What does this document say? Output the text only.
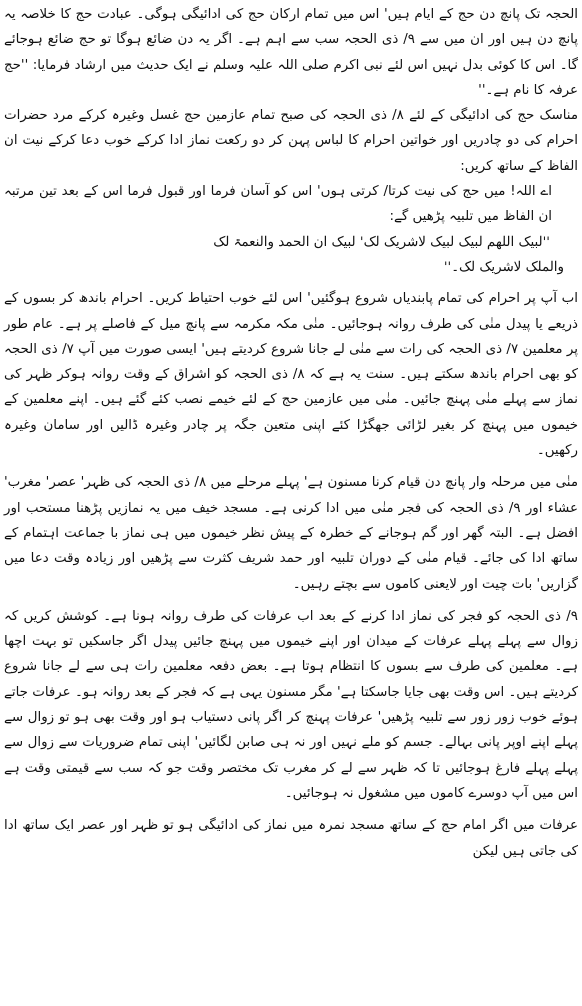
الحجہ تک پانچ دن حج کے ایام ہیں' اس میں تمام ارکان حج کی ادائیگی ہوگی۔ عبادت حج کا خلاصہ یہ پانچ دن ہیں اور ان میں سے ۹/ ذی الحجہ سب سے اہم ہے۔ اگر یہ دن ضائع ہوگا تو حج ضائع ہوجائے گا۔ اس کا کوئی بدل نہیں اس لئے نبی اکرم صلی اللہ علیہ وسلم نے ایک حدیث میں ارشاد فرمایا: ''حج عرفہ کا نام ہے۔''

مناسک حج کی ادائیگی کے لئے ۸/ ذی الحجہ کی صبح تمام عازمین حج غسل وغیرہ کرکے مرد حضرات احرام کی دو چادریں اور خواتین احرام کا لباس پہن کر دو رکعت نماز ادا کرکے خوب دعا کرکے نیت ان الفاظ کے ساتھ کریں:

اے اللہ! میں حج کی نیت کرتا/ کرتی ہوں' اس کو آسان فرما اور قبول فرما اس کے بعد تین مرتبہ ان الفاظ میں تلبیہ پڑھیں گے:

''لبیک اللھم لبیک لبیک لاشریک لک' لبیک ان الحمد والنعمۃ لک

والملک لاشریک لک۔''

اب آپ پر احرام کی تمام پابندیاں شروع ہوگئیں' اس لئے خوب احتیاط کریں۔ احرام باندھ کر بسوں کے ذریعے یا پیدل منٰی کی طرف روانہ ہوجائیں۔ منٰی مکہ مکرمہ سے پانچ میل کے فاصلے پر ہے۔ عام طور پر معلمین ۷/ ذی الحجہ کی رات سے منٰی لے جانا شروع کردیتے ہیں' ایسی صورت میں آپ ۷/ ذی الحجہ کو بھی احرام باندھ سکتے ہیں۔ سنت یہ ہے کہ ۸/ ذی الحجہ کو اشراق کے وقت روانہ ہوکر ظہر کی نماز سے پہلے منٰی پہنچ جائیں۔ منٰی میں عازمین حج کے لئے خیمے نصب کئے گئے ہیں۔ اپنے معلمین کے خیموں میں پہنچ کر بغیر لڑائی جھگڑا کئے اپنی متعین جگہ پر چادر وغیرہ ڈالیں اور سامان وغیرہ رکھیں۔

منٰی میں مرحلہ وار پانچ دن قیام کرنا مسنون ہے' پہلے مرحلے میں ۸/ ذی الحجہ کی ظہر' عصر' مغرب' عشاء اور ۹/ ذی الحجہ کی فجر منٰی میں ادا کرنی ہے۔ مسجد خیف میں یہ نمازیں پڑھنا مستحب اور افضل ہے۔ البتہ گھر اور گم ہوجانے کے خطرہ کے پیش نظر خیموں میں ہی نماز با جماعت اہتمام کے ساتھ ادا کی جائے۔ قیام منٰی کے دوران تلبیہ اور حمد شریف کثرت سے پڑھیں اور زیادہ وقت دعا میں گزاریں' بات چیت اور لایعنی کاموں سے بچتے رہیں۔

۹/ ذی الحجہ کو فجر کی نماز ادا کرنے کے بعد اب عرفات کی طرف روانہ ہونا ہے۔ کوشش کریں کہ زوال سے پہلے پہلے عرفات کے میدان اور اپنے خیموں میں پہنچ جائیں پیدل اگر جاسکیں تو بہت اچھا ہے۔ معلمین کی طرف سے بسوں کا انتظام ہوتا ہے۔ بعض دفعہ معلمین رات ہی سے لے جانا شروع کردیتے ہیں۔ اس وقت بھی جایا جاسکتا ہے' مگر مسنون یہی ہے کہ فجر کے بعد روانہ ہو۔ عرفات جاتے ہوئے خوب زور زور سے تلبیہ پڑھیں' عرفات پہنچ کر اگر پانی دستیاب ہو اور وقت بھی ہو تو زوال سے پہلے اپنے اوپر پانی بہالے۔ جسم کو ملے نہیں اور نہ ہی صابن لگائیں' اپنی تمام ضروریات سے زوال سے پہلے پہلے فارغ ہوجائیں تا کہ ظہر سے لے کر مغرب تک مختصر وقت جو کہ سب سے قیمتی وقت ہے اس میں آپ دوسرے کاموں میں مشغول نہ ہوجائیں۔

عرفات میں اگر امام حج کے ساتھ مسجد نمرہ میں نماز کی ادائیگی ہو تو ظہر اور عصر ایک ساتھ ادا کی جاتی ہیں لیکن
